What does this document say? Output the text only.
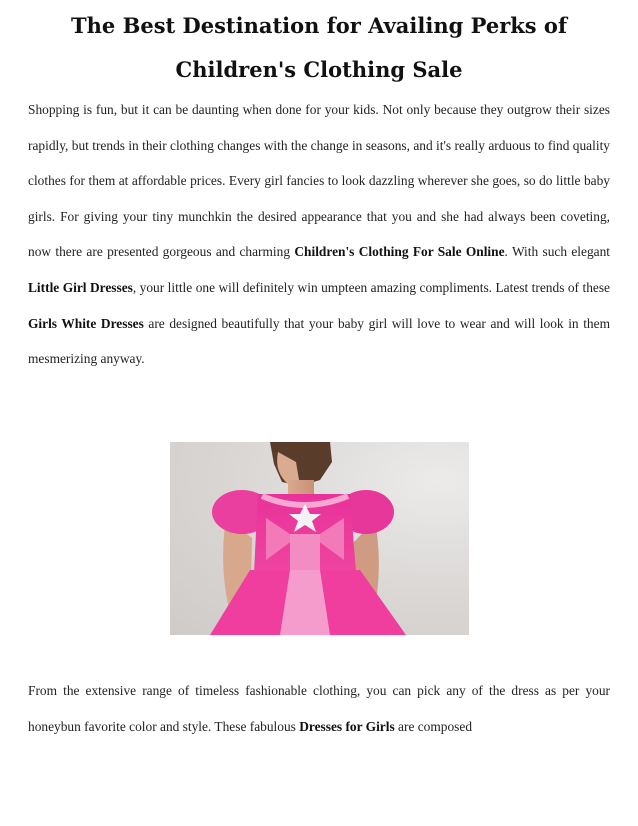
The Best Destination for Availing Perks of Children's Clothing Sale

Shopping is fun, but it can be daunting when done for your kids. Not only because they outgrow their sizes rapidly, but trends in their clothing changes with the change in seasons, and it's really arduous to find quality clothes for them at affordable prices. Every girl fancies to look dazzling wherever she goes, so do little baby girls. For giving your tiny munchkin the desired appearance that you and she had always been coveting, now there are presented gorgeous and charming Children's Clothing For Sale Online. With such elegant Little Girl Dresses, your little one will definitely win umpteen amazing compliments. Latest trends of these Girls White Dresses are designed beautifully that your baby girl will love to wear and will look in them mesmerizing anyway.

From the extensive range of timeless fashionable clothing, you can pick any of the dress as per your honeybun favorite color and style. These fabulous Dresses for Girls are composed
